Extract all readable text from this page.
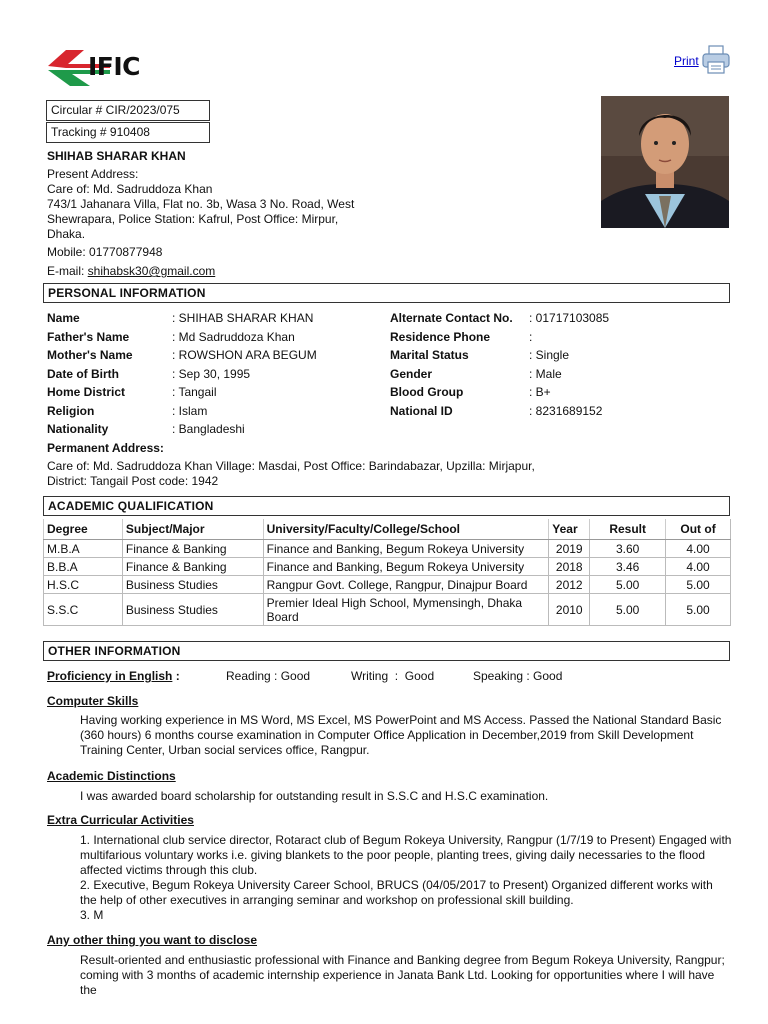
IFIC	Print
Circular # CIR/2023/075
Tracking # 910408
SHIHAB SHARAR KHAN
Present Address:
Care of: Md. Sadruddoza Khan
743/1 Jahanara Villa, Flat no. 3b, Wasa 3 No. Road, West
Shewrapara, Police Station: Kafrul, Post Office: Mirpur,
Dhaka.
Mobile: 01770877948
E-mail: shihabsk30@gmail.com
PERSONAL INFORMATION
Name	: SHIHAB SHARAR KHAN
Father's Name	: Md Sadruddoza Khan
Mother's Name	: ROWSHON ARA BEGUM
Date of Birth	: Sep 30, 1995
Home District	: Tangail
Religion	: Islam
Nationality	: Bangladeshi
Alternate Contact No. : 01717103085
Residence Phone	:
Marital Status	: Single
Gender	: Male
Blood Group	: B+
National ID	: 8231689152
Permanent Address:
Care of: Md. Sadruddoza Khan Village: Masdai, Post Office: Barindabazar, Upzilla: Mirjapur,
District: Tangail Post code: 1942
ACADEMIC QUALIFICATION
Degree	Subject/Major	University/Faculty/College/School	Year	Result	Out of
M.B.A	Finance & Banking	Finance and Banking, Begum Rokeya University	2019	3.60	4.00
B.B.A	Finance & Banking	Finance and Banking, Begum Rokeya University	2018	3.46	4.00
H.S.C	Business Studies	Rangpur Govt. College, Rangpur, Dinajpur Board	2012	5.00	5.00
S.S.C	Business Studies	Premier Ideal High School, Mymensingh, Dhaka Board	2010	5.00	5.00
OTHER INFORMATION
Proficiency in English :	Reading : Good	Writing  :  Good	Speaking : Good
Computer Skills
Having working experience in MS Word, MS Excel, MS PowerPoint and MS Access. Passed the National Standard Basic (360 hours) 6 months course examination in Computer Office Application in December,2019 from Skill Development Training Center, Urban social services office, Rangpur.
Academic Distinctions
I was awarded board scholarship for outstanding result in S.S.C and H.S.C examination.
Extra Curricular Activities
1. International club service director, Rotaract club of Begum Rokeya University, Rangpur (1/7/19 to Present) Engaged with multifarious voluntary works i.e. giving blankets to the poor people, planting trees, giving daily necessaries to the flood affected victims through this club.
2. Executive, Begum Rokeya University Career School, BRUCS (04/05/2017 to Present) Organized different works with the help of other executives in arranging seminar and workshop on professional skill building.
3. M
Any other thing you want to disclose
Result-oriented and enthusiastic professional with Finance and Banking degree from Begum Rokeya University, Rangpur; coming with 3 months of academic internship experience in Janata Bank Ltd. Looking for opportunities where I will have the
